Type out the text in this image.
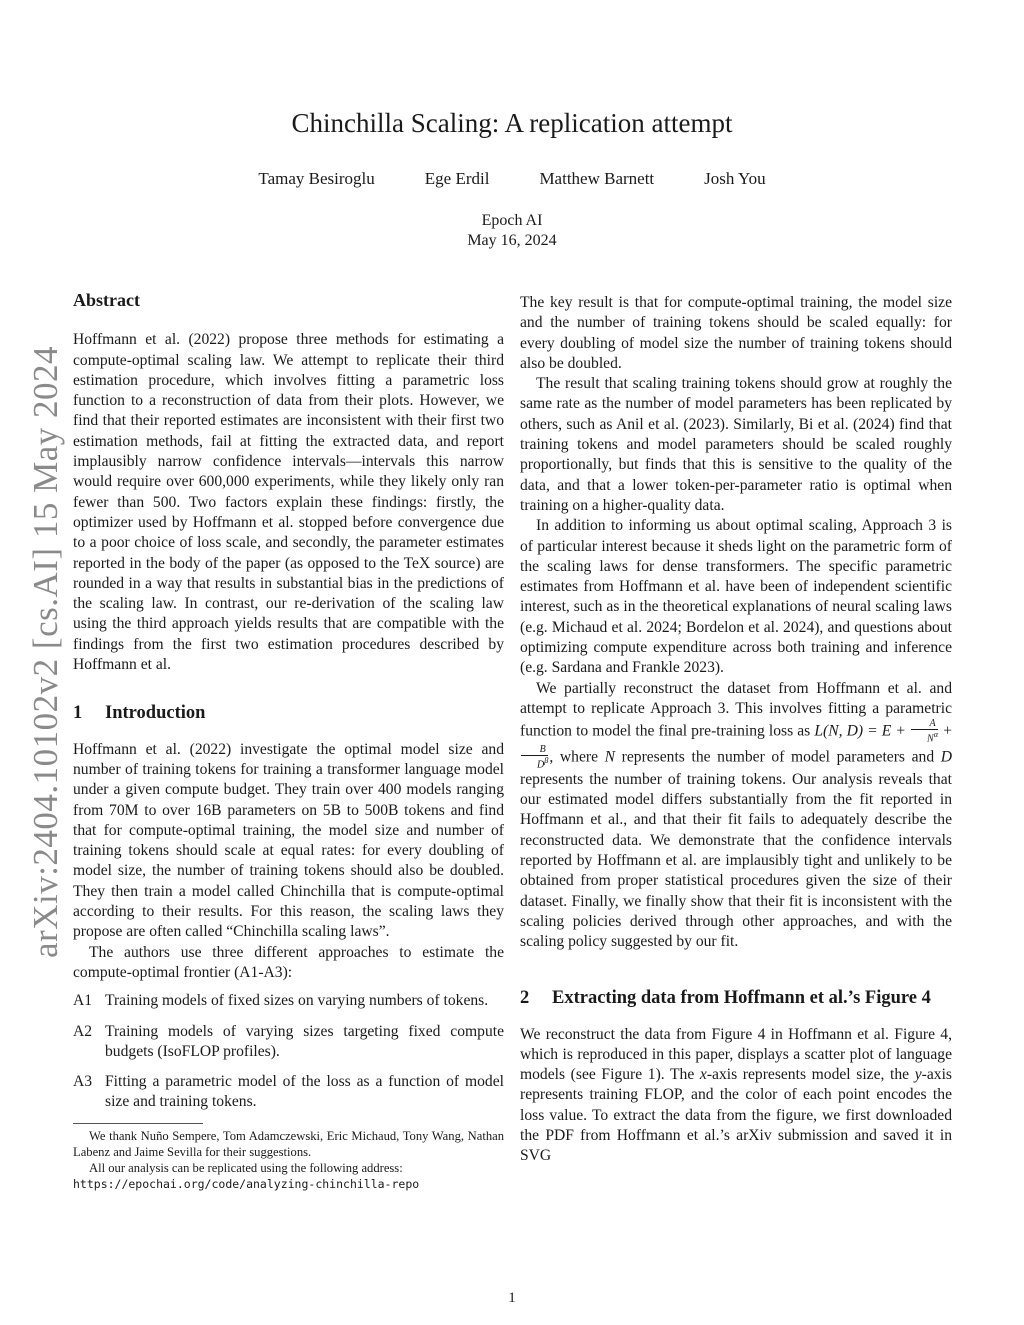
arXiv:2404.10102v2 [cs.AI] 15 May 2024
Chinchilla Scaling: A replication attempt
Tamay Besiroglu	Ege Erdil	Matthew Barnett	Josh You
Epoch AI
May 16, 2024
Abstract

Hoffmann et al. (2022) propose three methods for estimating a compute-optimal scaling law. We attempt to replicate their third estimation procedure, which involves fitting a parametric loss function to a reconstruction of data from their plots. However, we find that their reported estimates are inconsistent with their first two estimation methods, fail at fitting the extracted data, and report implausibly narrow confidence intervals—intervals this narrow would require over 600,000 experiments, while they likely only ran fewer than 500. Two factors explain these findings: firstly, the optimizer used by Hoffmann et al. stopped before convergence due to a poor choice of loss scale, and secondly, the parameter estimates reported in the body of the paper (as opposed to the TeX source) are rounded in a way that results in substantial bias in the predictions of the scaling law. In contrast, our re-derivation of the scaling law using the third approach yields results that are compatible with the findings from the first two estimation procedures described by Hoffmann et al.

1 Introduction

Hoffmann et al. (2022) investigate the optimal model size and number of training tokens for training a transformer language model under a given compute budget. They train over 400 models ranging from 70M to over 16B parameters on 5B to 500B tokens and find that for compute-optimal training, the model size and number of training tokens should scale at equal rates: for every doubling of model size, the number of training tokens should also be doubled. They then train a model called Chinchilla that is compute-optimal according to their results. For this reason, the scaling laws they propose are often called “Chinchilla scaling laws”.

The authors use three different approaches to estimate the compute-optimal frontier (A1-A3):

A1 Training models of fixed sizes on varying numbers of tokens.
A2 Training models of varying sizes targeting fixed compute budgets (IsoFLOP profiles).
A3 Fitting a parametric model of the loss as a function of model size and training tokens.

We thank Nuño Sempere, Tom Adamczewski, Eric Michaud, Tony Wang, Nathan Labenz and Jaime Sevilla for their suggestions.

All our analysis can be replicated using the following address:

https://epochai.org/code/analyzing-chinchilla-repo

The key result is that for compute-optimal training, the model size and the number of training tokens should be scaled equally: for every doubling of model size the number of training tokens should also be doubled.

The result that scaling training tokens should grow at roughly the same rate as the number of model parameters has been replicated by others, such as Anil et al. (2023). Similarly, Bi et al. (2024) find that training tokens and model parameters should be scaled roughly proportionally, but finds that this is sensitive to the quality of the data, and that a lower token-per-parameter ratio is optimal when training on a higher-quality data.

In addition to informing us about optimal scaling, Approach 3 is of particular interest because it sheds light on the parametric form of the scaling laws for dense transformers. The specific parametric estimates from Hoffmann et al. have been of independent scientific interest, such as in the theoretical explanations of neural scaling laws (e.g. Michaud et al. 2024; Bordelon et al. 2024), and questions about optimizing compute expenditure across both training and inference (e.g. Sardana and Frankle 2023).

We partially reconstruct the dataset from Hoffmann et al. and attempt to replicate Approach 3. This involves fitting a parametric function to model the final pre-training loss as L(N, $D) = E + \frac{A}{N^\alpha}$ +
$\frac{B}{D^\beta}$ , where N represents the number of model parameters and D represents the number of training tokens. Our analysis reveals that our estimated model differs substantially from the fit reported in Hoffmann et al., and that their fit fails to adequately describe the reconstructed data. We demonstrate that the confidence intervals reported by Hoffmann et al. are implausibly tight and unlikely to be obtained from proper statistical procedures given the size of their dataset. Finally, we finally show that their fit is inconsistent with the scaling policies derived through other approaches, and with the scaling policy suggested by our fit.

2 Extracting data from Hoffmann et al.’s Figure 4

We reconstruct the data from Figure 4 in Hoffmann et al. Figure 4, which is reproduced in this paper, displays a scatter plot of language models (see Figure 1). The x-axis represents model size, the y-axis represents training FLOP, and the color of each point encodes the loss value. To extract the data from the figure, we first downloaded the PDF from Hoffmann et al.’s arXiv submission and saved it in SVG

1
